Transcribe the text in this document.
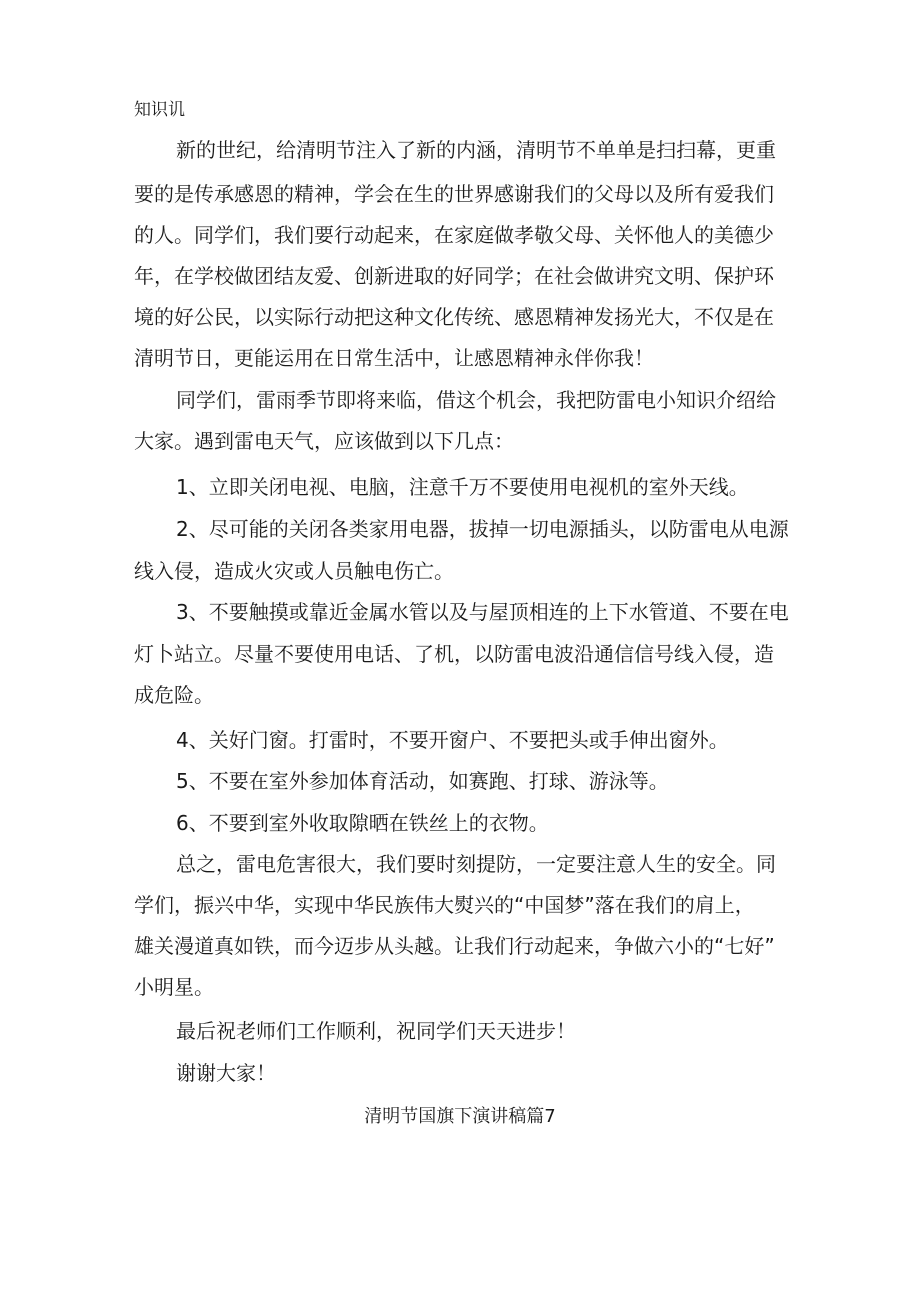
知识讥
新的世纪，给清明节注入了新的内涵，清明节不单单是扫扫幕，更重
要的是传承感恩的精神，学会在生的世界感谢我们的父母以及所有爱我们
的人。同学们，我们要行动起来，在家庭做孝敬父母、关怀他人的美德少
年，在学校做团结友爱、创新进取的好同学；在社会做讲究文明、保护环
境的好公民，以实际行动把这种文化传统、感恩精神发扬光大，不仅是在
清明节日，更能运用在日常生活中，让感恩精神永伴你我！
同学们，雷雨季节即将来临，借这个机会，我把防雷电小知识介绍给
大家。遇到雷电天气，应该做到以下几点：
1、立即关闭电视、电脑，注意千万不要使用电视机的室外天线。
2、尽可能的关闭各类家用电器，拔掉一切电源插头，以防雷电从电源
线入侵，造成火灾或人员触电伤亡。
3、不要触摸或靠近金属水管以及与屋顶相连的上下水管道、不要在电
灯卜站立。尽量不要使用电话、了机，以防雷电波沿通信信号线入侵，造
成危险。
4、关好门窗。打雷时，不要开窗户、不要把头或手伸出窗外。
5、不要在室外参加体育活动，如赛跑、打球、游泳等。
6、不要到室外收取隙晒在铁丝上的衣物。
总之，雷电危害很大，我们要时刻提防，一定要注意人生的安全。同
学们，振兴中华，实现中华民族伟大熨兴的“中国梦”落在我们的肩上，
雄关漫道真如铁，而今迈步从头越。让我们行动起来，争做六小的“七好”
小明星。
最后祝老师们工作顺利，祝同学们天天进步！
谢谢大家！
清明节国旗下演讲稿篇7
